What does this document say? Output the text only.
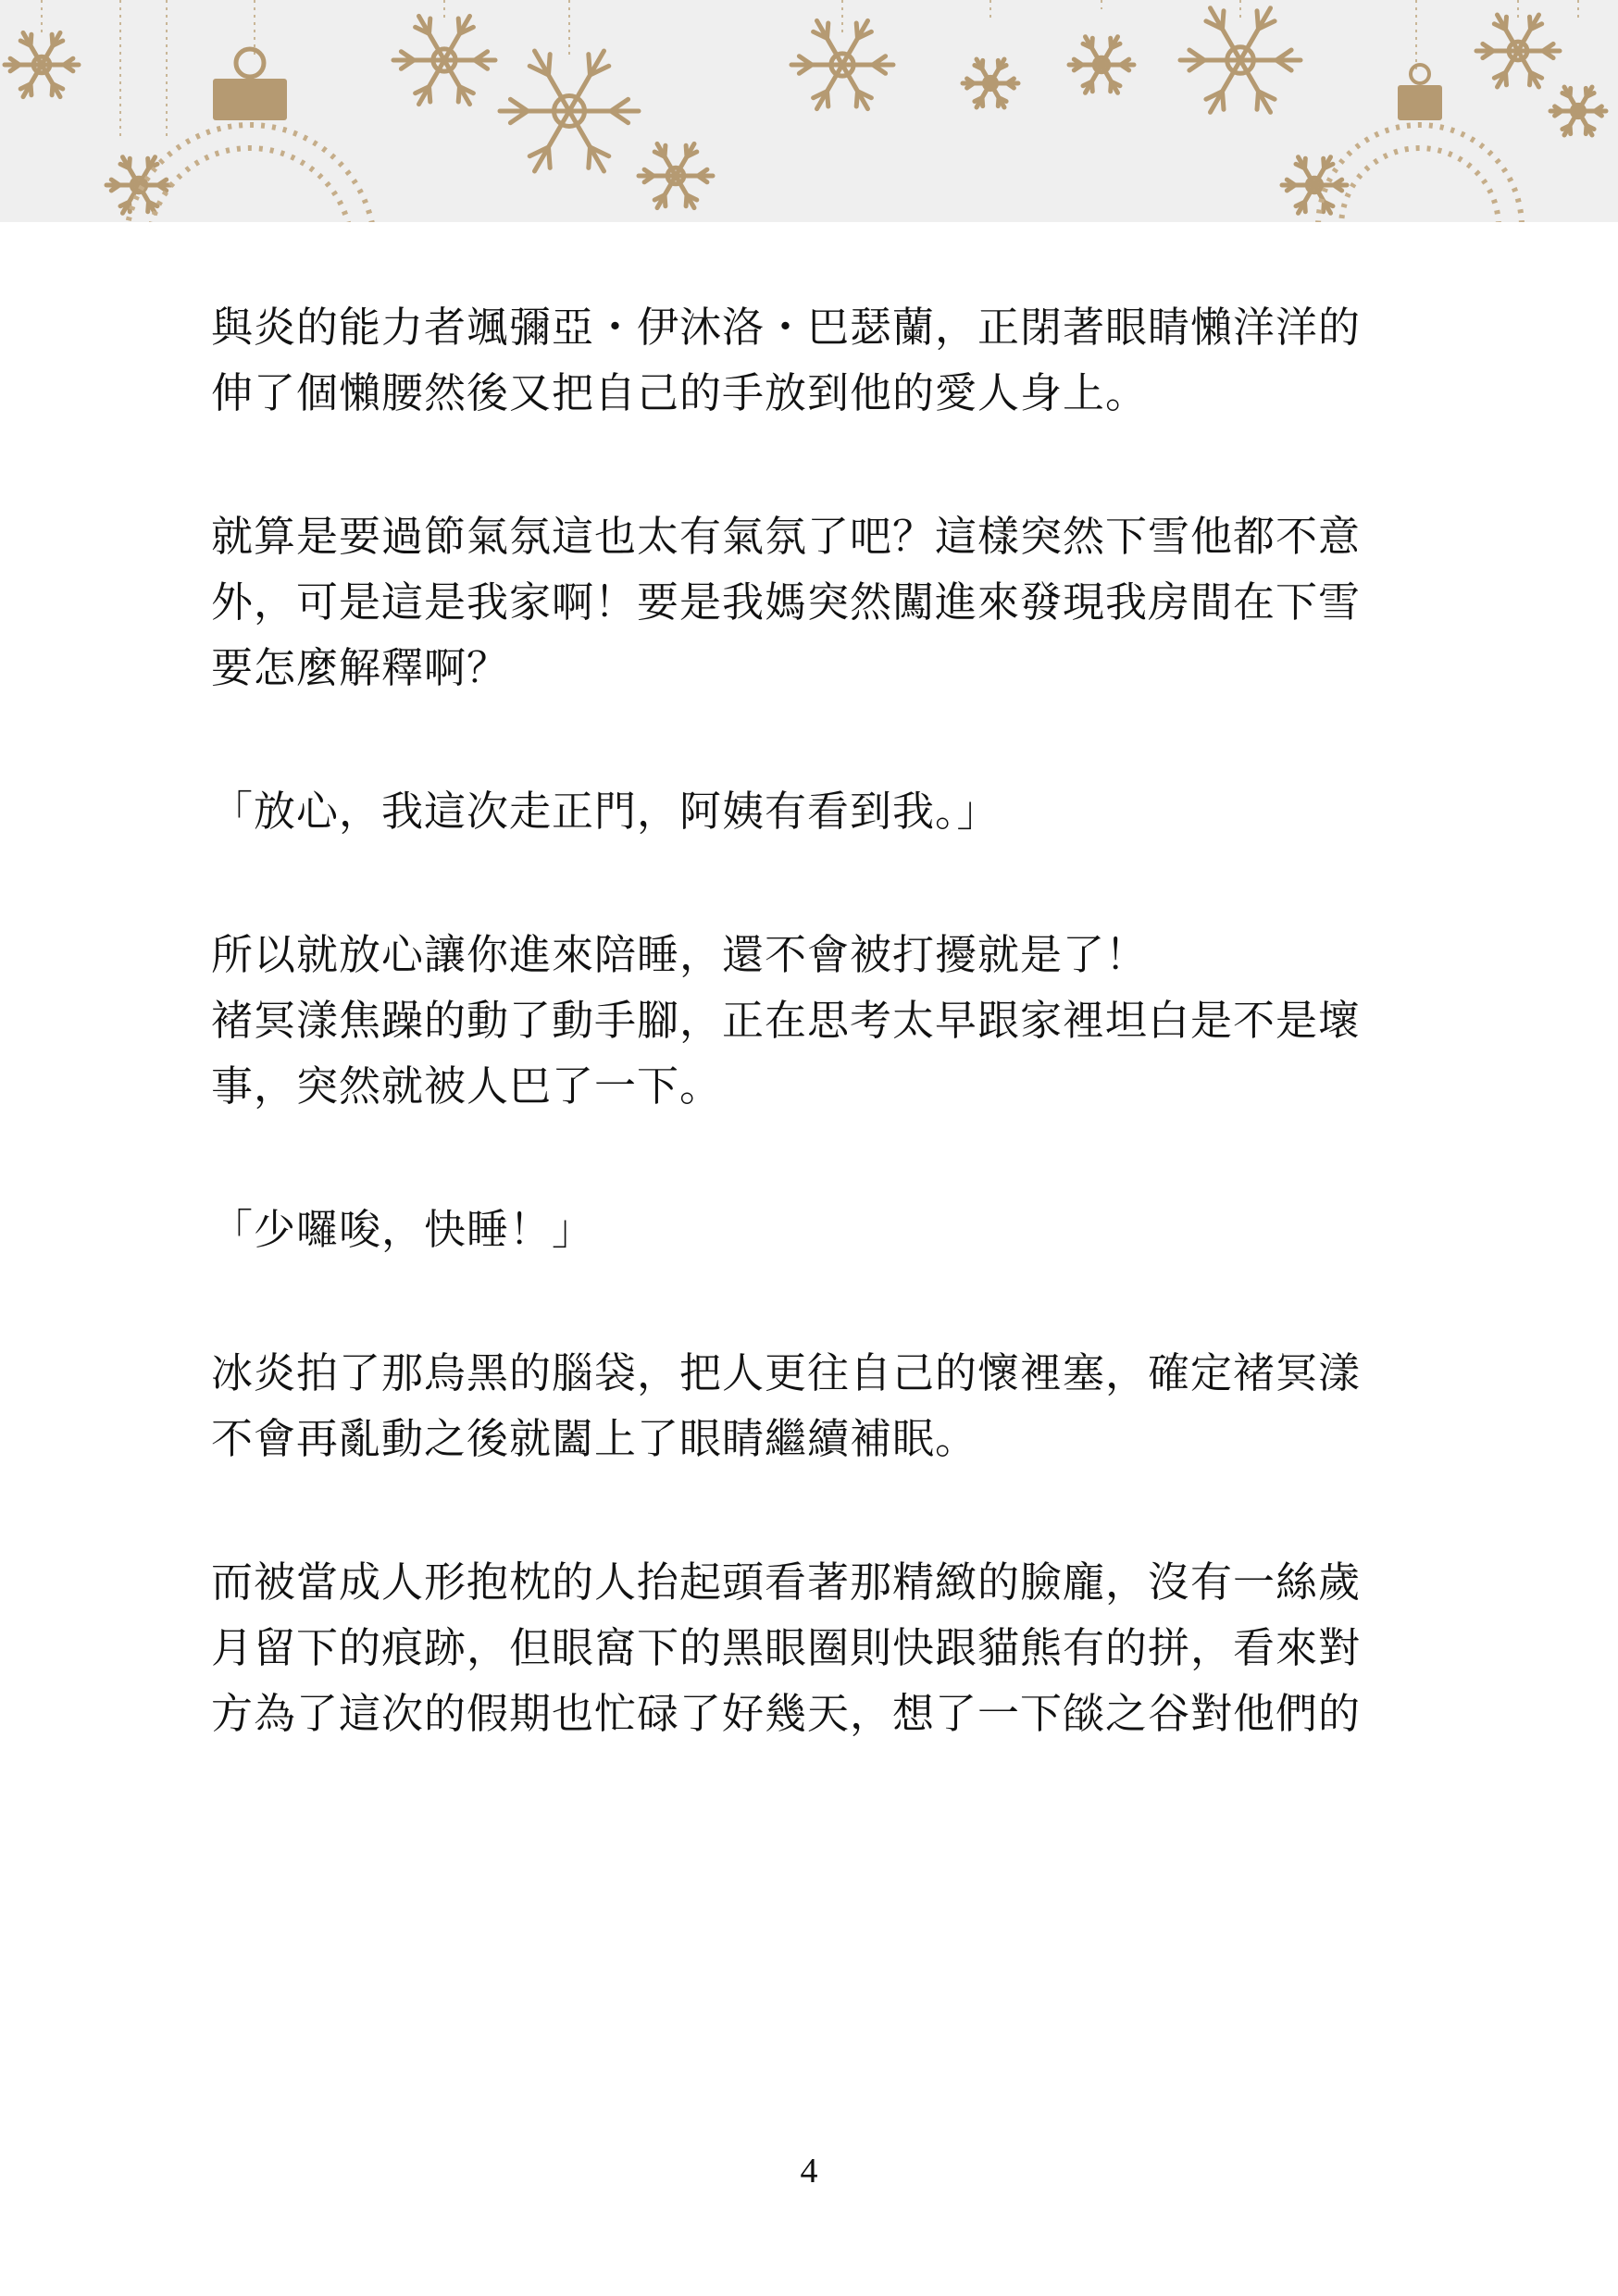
與炎的能力者颯彌亞・伊沐洛・巴瑟蘭，正閉著眼睛懶洋洋的
伸了個懶腰然後又把自己的手放到他的愛人身上。
就算是要過節氣氛這也太有氣氛了吧？這樣突然下雪他都不意
外，可是這是我家啊！要是我媽突然闖進來發現我房間在下雪
要怎麼解釋啊？
「放心，我這次走正門，阿姨有看到我。」
所以就放心讓你進來陪睡，還不會被打擾就是了！
褚冥漾焦躁的動了動手腳，正在思考太早跟家裡坦白是不是壞
事，突然就被人巴了一下。
「少囉唆，快睡！」
冰炎拍了那烏黑的腦袋，把人更往自己的懷裡塞，確定褚冥漾
不會再亂動之後就闔上了眼睛繼續補眠。
而被當成人形抱枕的人抬起頭看著那精緻的臉龐，沒有一絲歲
月留下的痕跡，但眼窩下的黑眼圈則快跟貓熊有的拼，看來對
方為了這次的假期也忙碌了好幾天，想了一下燄之谷對他們的
4
